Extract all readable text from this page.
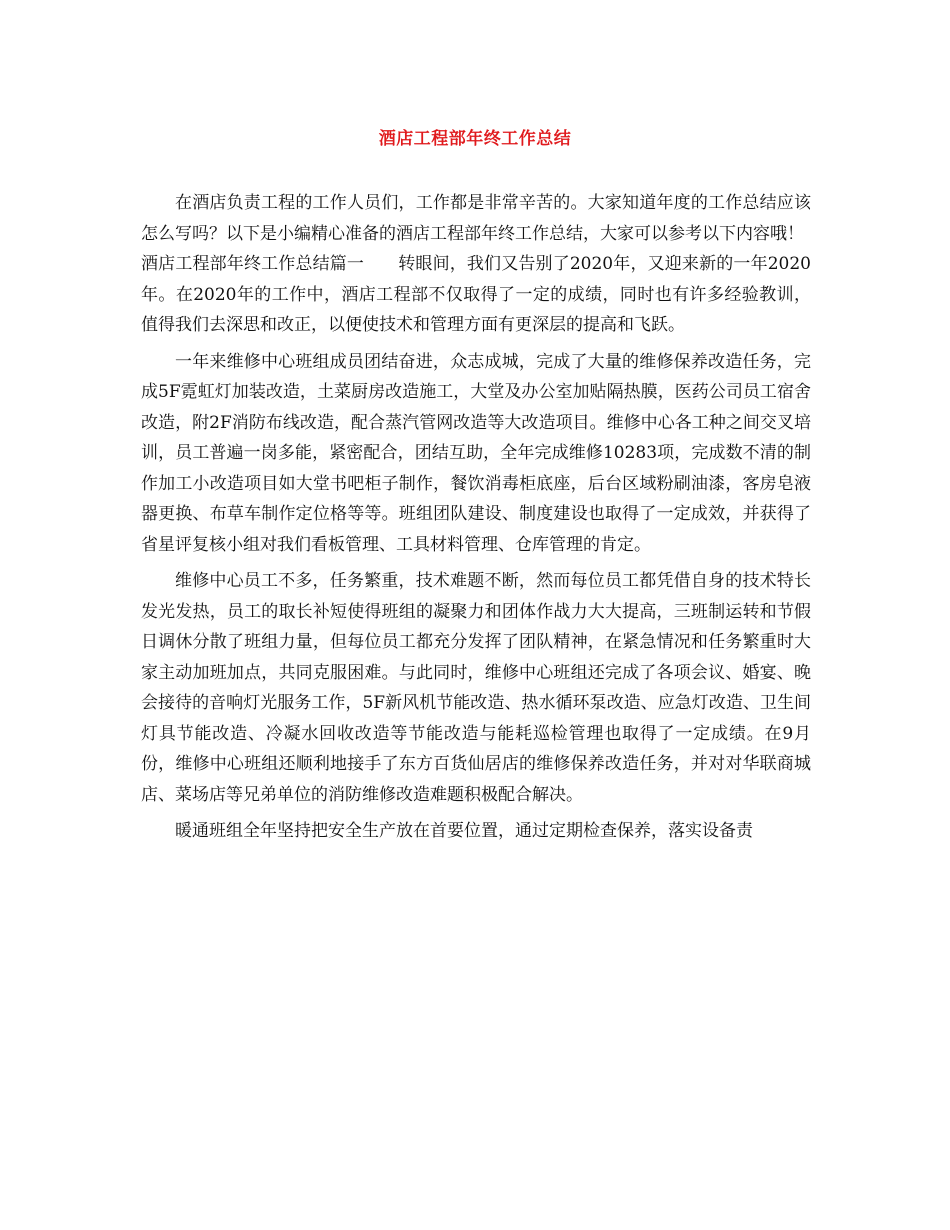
酒店工程部年终工作总结

在酒店负责工程的工作人员们，工作都是非常辛苦的。大家知道年度的工作总结应该怎么写吗？以下是小编精心准备的酒店工程部年终工作总结，大家可以参考以下内容哦！

酒店工程部年终工作总结篇一 转眼间，我们又告别了2020年，又迎来新的一年2020年。在2020年的工作中，酒店工程部不仅取得了一定的成绩，同时也有许多经验教训，值得我们去深思和改正，以便使技术和管理方面有更深层的提高和飞跃。

一年来维修中心班组成员团结奋进，众志成城，完成了大量的维修保养改造任务，完成5F霓虹灯加装改造，土菜厨房改造施工，大堂及办公室加贴隔热膜，医药公司员工宿舍改造，附2F消防布线改造，配合蒸汽管网改造等大改造项目。维修中心各工种之间交叉培训，员工普遍一岗多能，紧密配合，团结互助，全年完成维修10283项，完成数不清的制作加工小改造项目如大堂书吧柜子制作，餐饮消毒柜底座，后台区域粉刷油漆，客房皂液器更换、布草车制作定位格等等。班组团队建设、制度建设也取得了一定成效，并获得了省星评复核小组对我们看板管理、工具材料管理、仓库管理的肯定。

维修中心员工不多，任务繁重，技术难题不断，然而每位员工都凭借自身的技术特长发光发热，员工的取长补短使得班组的凝聚力和团体作战力大大提高，三班制运转和节假日调休分散了班组力量，但每位员工都充分发挥了团队精神，在紧急情况和任务繁重时大家主动加班加点，共同克服困难。与此同时，维修中心班组还完成了各项会议、婚宴、晚会接待的音响灯光服务工作，5F新风机节能改造、热水循环泵改造、应急灯改造、卫生间灯具节能改造、冷凝水回收改造等节能改造与能耗巡检管理也取得了一定成绩。在9月份，维修中心班组还顺利地接手了东方百货仙居店的维修保养改造任务，并对对华联商城店、菜场店等兄弟单位的消防维修改造难题积极配合解决。

暖通班组全年坚持把安全生产放在首要位置，通过定期检查保养，落实设备责
